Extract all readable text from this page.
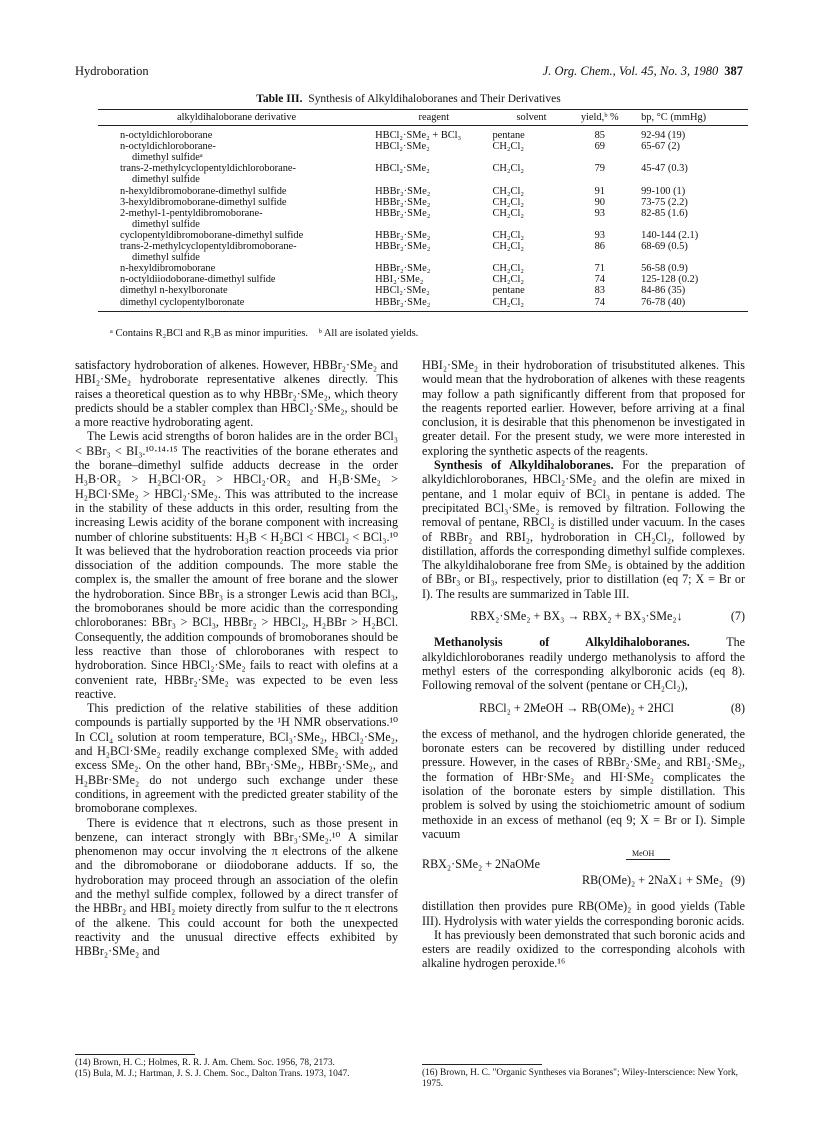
Hydroboration	J. Org. Chem., Vol. 45, No. 3, 1980 387
Table III. Synthesis of Alkyldihaloboranes and Their Derivatives
alkyldihaloborane derivative	reagent	solvent	yield,ᵇ %	bp, °C (mmHg)

n-octyldichloroborane	HBCl₂·SMe₂ + BCl₃	pentane	85	92-94 (19)

n-octyldichloroborane-
dimethyl sulfideᵃ	HBCl₂·SMe₂	CH₂Cl₂	69	65-67 (2)

trans-2-methylcyclopentyldichloroborane-
dimethyl sulfide	HBCl₂·SMe₂	CH₂Cl₂	79	45-47 (0.3)

n-hexyldibromoborane-dimethyl sulfide	HBBr₂·SMe₂	CH₂Cl₂	91	99-100 (1)

3-hexyldibromoborane-dimethyl sulfide	HBBr₂·SMe₂	CH₂Cl₂	90	73-75 (2.2)

2-methyl-1-pentyldibromoborane-
dimethyl sulfide	HBBr₂·SMe₂	CH₂Cl₂	93	82-85 (1.6)

cyclopentyldibromoborane-dimethyl sulfide	HBBr₂·SMe₂	CH₂Cl₂	93	140-144 (2.1)

trans-2-methylcyclopentyldibromoborane-
dimethyl sulfide	HBBr₂·SMe₂	CH₂Cl₂	86	68-69 (0.5)

n-hexyldibromoborane	HBBr₂·SMe₂	CH₂Cl₂	71	56-58 (0.9)

n-octyldiiodoborane-dimethyl sulfide	HBI₂·SMe₂	CH₂Cl₂	74	125-128 (0.2)

dimethyl n-hexylboronate	HBCl₂·SMe₂	pentane	83	84-86 (35)

dimethyl cyclopentylboronate	HBBr₂·SMe₂	CH₂Cl₂	74	76-78 (40)
ᵃ Contains R₂BCl and R₃B as minor impurities.    ᵇ All are isolated yields.

satisfactory hydroboration of alkenes. However, HBBr₂·SMe₂ and HBI₂·SMe₂ hydroborate representative alkenes directly. This raises a theoretical question as to why HBBr₂·SMe₂, which theory predicts should be a stabler complex than HBCl₂·SMe₂, should be a more reactive hydroborating agent.

The Lewis acid strengths of boron halides are in the order BCl₃ < BBr₃ < BI₃.¹⁰·¹⁴·¹⁵ The reactivities of the borane etherates and the borane–dimethyl sulfide adducts decrease in the order H₃B·OR₂ > H₂BCl·OR₂ > HBCl₂·OR₂ and H₃B·SMe₂ > H₂BCl·SMe₂ > HBCl₂·SMe₂. This was attributed to the increase in the stability of these adducts in this order, resulting from the increasing Lewis acidity of the borane component with increasing number of chlorine substituents: H₃B < H₂BCl < HBCl₂ < BCl₃.¹⁰ It was believed that the hydroboration reaction proceeds via prior dissociation of the addition compounds. The more stable the complex is, the smaller the amount of free borane and the slower the hydroboration. Since BBr₃ is a stronger Lewis acid than BCl₃, the bromoboranes should be more acidic than the corresponding chloroboranes: BBr₃ > BCl₃, HBBr₂ > HBCl₂, H₂BBr > H₂BCl. Consequently, the addition compounds of bromoboranes should be less reactive than those of chloroboranes with respect to hydroboration. Since HBCl₂·SMe₂ fails to react with olefins at a convenient rate, HBBr₂·SMe₂ was expected to be even less reactive.

This prediction of the relative stabilities of these addition compounds is partially supported by the ¹H NMR observations.¹⁰ In CCl₄ solution at room temperature, BCl₃·SMe₂, HBCl₂·SMe₂, and H₂BCl·SMe₂ readily exchange complexed SMe₂ with added excess SMe₂. On the other hand, BBr₃·SMe₂, HBBr₂·SMe₂, and H₂BBr·SMe₂ do not undergo such exchange under these conditions, in agreement with the predicted greater stability of the bromoborane complexes.

There is evidence that π electrons, such as those present in benzene, can interact strongly with BBr₃·SMe₂.¹⁰ A similar phenomenon may occur involving the π electrons of the alkene and the dibromoborane or diiodoborane adducts. If so, the hydroboration may proceed through an association of the olefin and the methyl sulfide complex, followed by a direct transfer of the HBBr₂ and HBI₂ moiety directly from sulfur to the π electrons of the alkene. This could account for both the unexpected reactivity and the unusual directive effects exhibited by HBBr₂·SMe₂ and

HBI₂·SMe₂ in their hydroboration of trisubstituted alkenes. This would mean that the hydroboration of alkenes with these reagents may follow a path significantly different from that proposed for the reagents reported earlier. However, before arriving at a final conclusion, it is desirable that this phenomenon be investigated in greater detail. For the present study, we were more interested in exploring the synthetic aspects of the reagents.

Synthesis of Alkyldihaloboranes. For the preparation of alkyldichloroboranes, HBCl₂·SMe₂ and the olefin are mixed in pentane, and 1 molar equiv of BCl₃ in pentane is added. The precipitated BCl₃·SMe₂ is removed by filtration. Following the removal of pentane, RBCl₂ is distilled under vacuum. In the cases of RBBr₂ and RBI₂, hydroboration in CH₂Cl₂, followed by distillation, affords the corresponding dimethyl sulfide complexes. The alkyldihaloborane free from SMe₂ is obtained by the addition of BBr₃ or BI₃, respectively, prior to distillation (eq 7; X = Br or I). The results are summarized in Table III.

RBX₂·SMe₂ + BX₃ → RBX₂ + BX₃·SMe₂↓	(7)

Methanolysis of Alkyldihaloboranes. The alkyldichloroboranes readily undergo methanolysis to afford the methyl esters of the corresponding alkylboronic acids (eq 8). Following removal of the solvent (pentane or CH₂Cl₂),

RBCl₂ + 2MeOH → RB(OMe)₂ + 2HCl	(8)

the excess of methanol, and the hydrogen chloride generated, the boronate esters can be recovered by distilling under reduced pressure. However, in the cases of RBBr₂·SMe₂ and RBI₂·SMe₂, the formation of HBr·SMe₂ and HI·SMe₂ complicates the isolation of the boronate esters by simple distillation. This problem is solved by using the stoichiometric amount of sodium methoxide in an excess of methanol (eq 9; X = Br or I). Simple vacuum

RBX₂·SMe₂ + 2NaOMe
MeOH
RB(OMe)₂ + 2NaX↓ + SMe₂ (9)

distillation then provides pure RB(OMe)₂ in good yields (Table III). Hydrolysis with water yields the corresponding boronic acids.

It has previously been demonstrated that such boronic acids and esters are readily oxidized to the corresponding alcohols with alkaline hydrogen peroxide.¹⁶

(14) Brown, H. C.; Holmes, R. R. J. Am. Chem. Soc. 1956, 78, 2173.
(15) Bula, M. J.; Hartman, J. S. J. Chem. Soc., Dalton Trans. 1973, 1047.	(16) Brown, H. C. "Organic Syntheses via Boranes"; Wiley-Interscience: New York, 1975.
